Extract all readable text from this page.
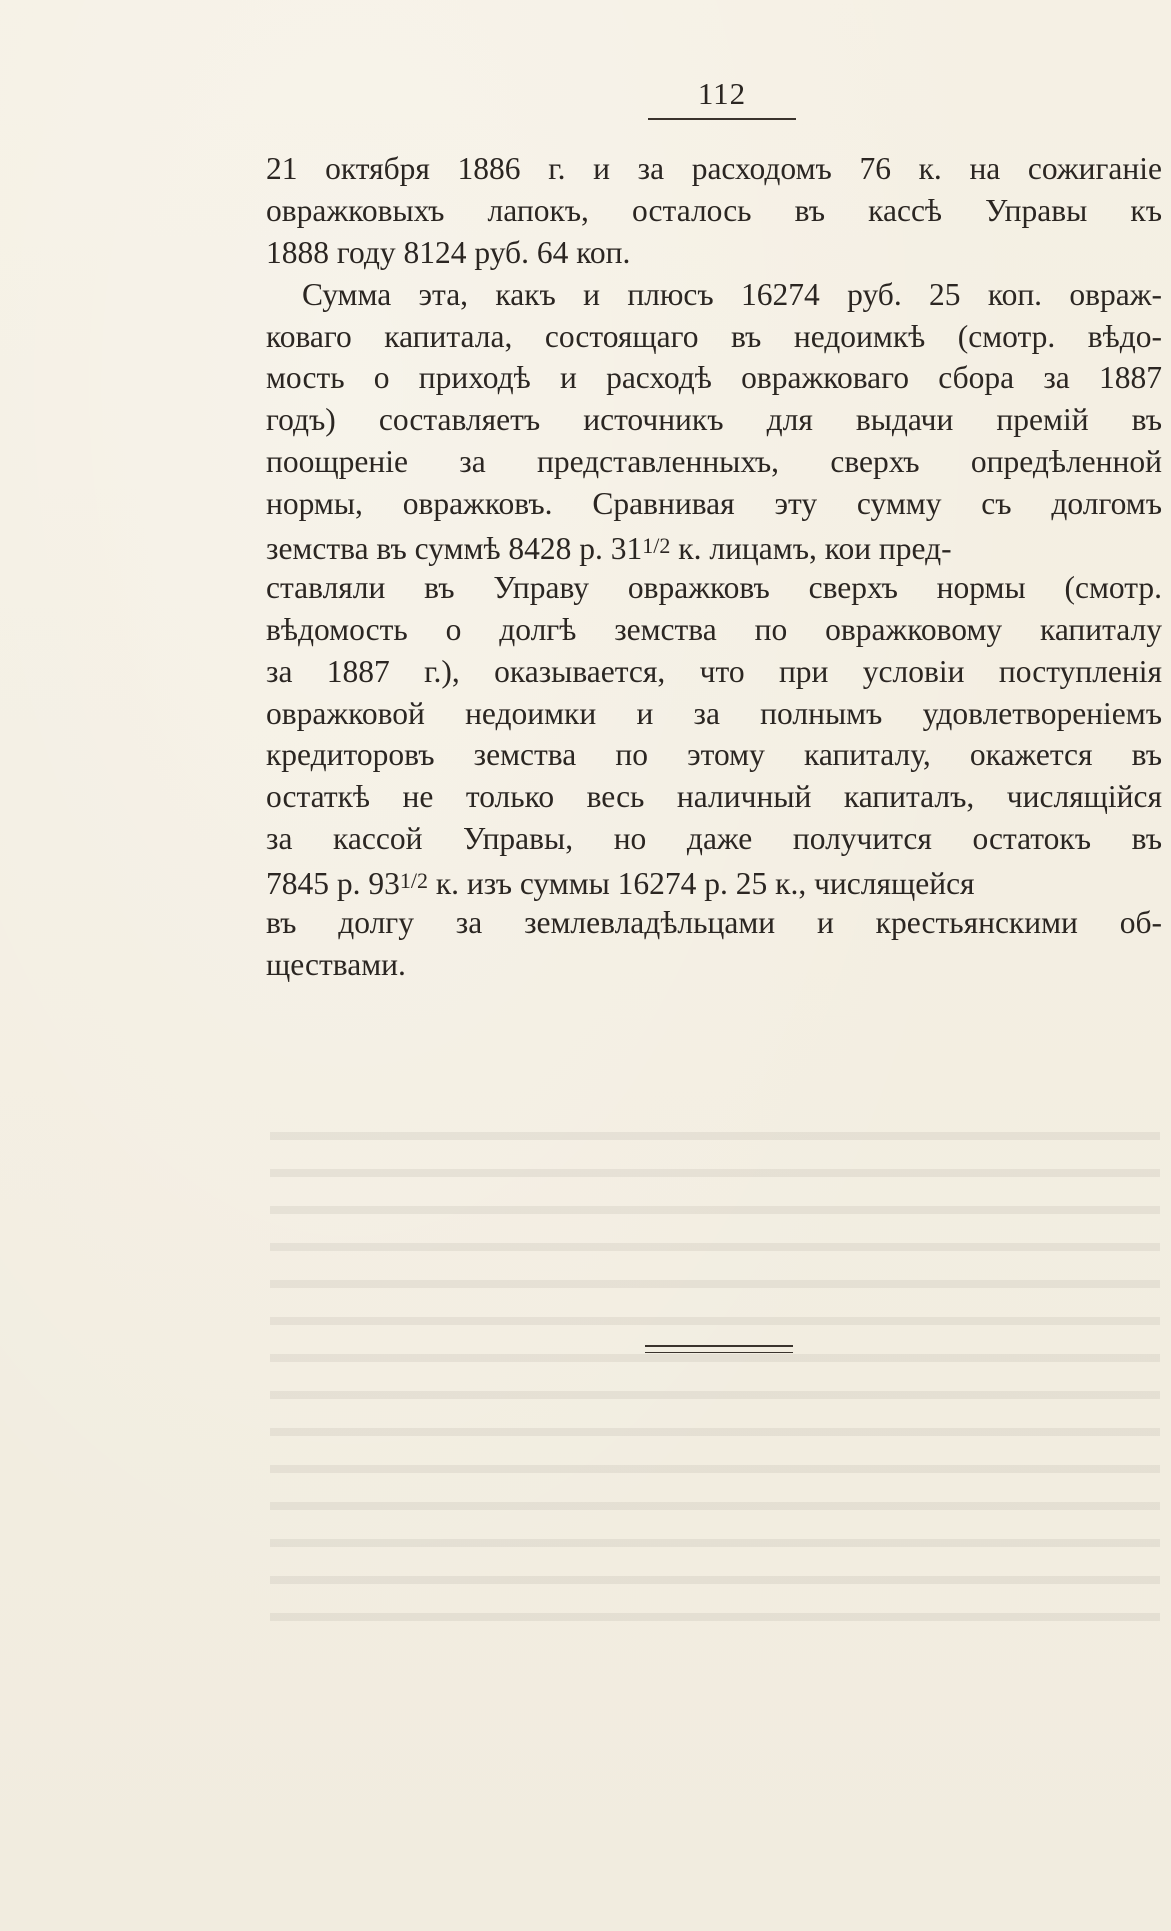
112
21 октября 1886 г. и за расходомъ 76 к. на сожиганіе
овражковыхъ лапокъ, осталось въ кассѣ Управы къ
1888 году 8124 руб. 64 коп.
Сумма эта, какъ и плюсъ 16274 руб. 25 коп. овраж-
коваго капитала, состоящаго въ недоимкѣ (смотр. вѣдо-
мость о приходѣ и расходѣ овражковаго сбора за 1887
годъ) составляетъ источникъ для выдачи премій въ
поощреніе за представленныхъ, сверхъ опредѣленной
нормы, овражковъ. Сравнивая эту сумму съ долгомъ
земства въ суммѣ 8428 р. 311/2 к. лицамъ, кои пред-
ставляли въ Управу овражковъ сверхъ нормы (смотр.
вѣдомость о долгѣ земства по овражковому капиталу
за 1887 г.), оказывается, что при условіи поступленія
овражковой недоимки и за полнымъ удовлетвореніемъ
кредиторовъ земства по этому капиталу, окажется въ
остаткѣ не только весь наличный капиталъ, числящійся
за кассой Управы, но даже получится остатокъ въ
7845 р. 931/2 к. изъ суммы 16274 р. 25 к., числящейся
въ долгу за землевладѣльцами и крестьянскими об-
ществами.
